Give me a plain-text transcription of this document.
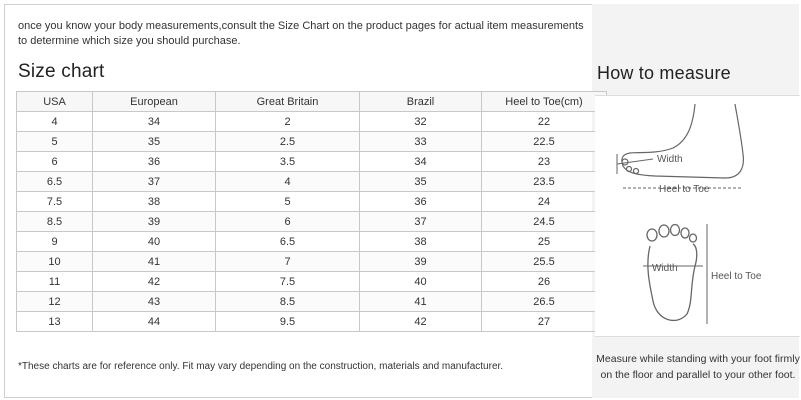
once you know your body measurements,consult the Size Chart on the product pages for actual item measurements to determine which size you should purchase.
Size chart	How to measure
USA	European	Great Britain	Brazil	Heel to Toe(cm)
4	34	2	32	22
5	35	2.5	33	22.5
6	36	3.5	34	23
6.5	37	4	35	23.5
7.5	38	5	36	24
8.5	39	6	37	24.5
9	40	6.5	38	25
10	41	7	39	25.5
11	42	7.5	40	26
12	43	8.5	41	26.5
13	44	9.5	42	27
Width
Heel to Toe
Width
Heel to Toe
*These charts are for reference only. Fit may vary depending on the construction, materials and manufacturer.
Measure while standing with your foot firmly on the floor and parallel to your other foot.
